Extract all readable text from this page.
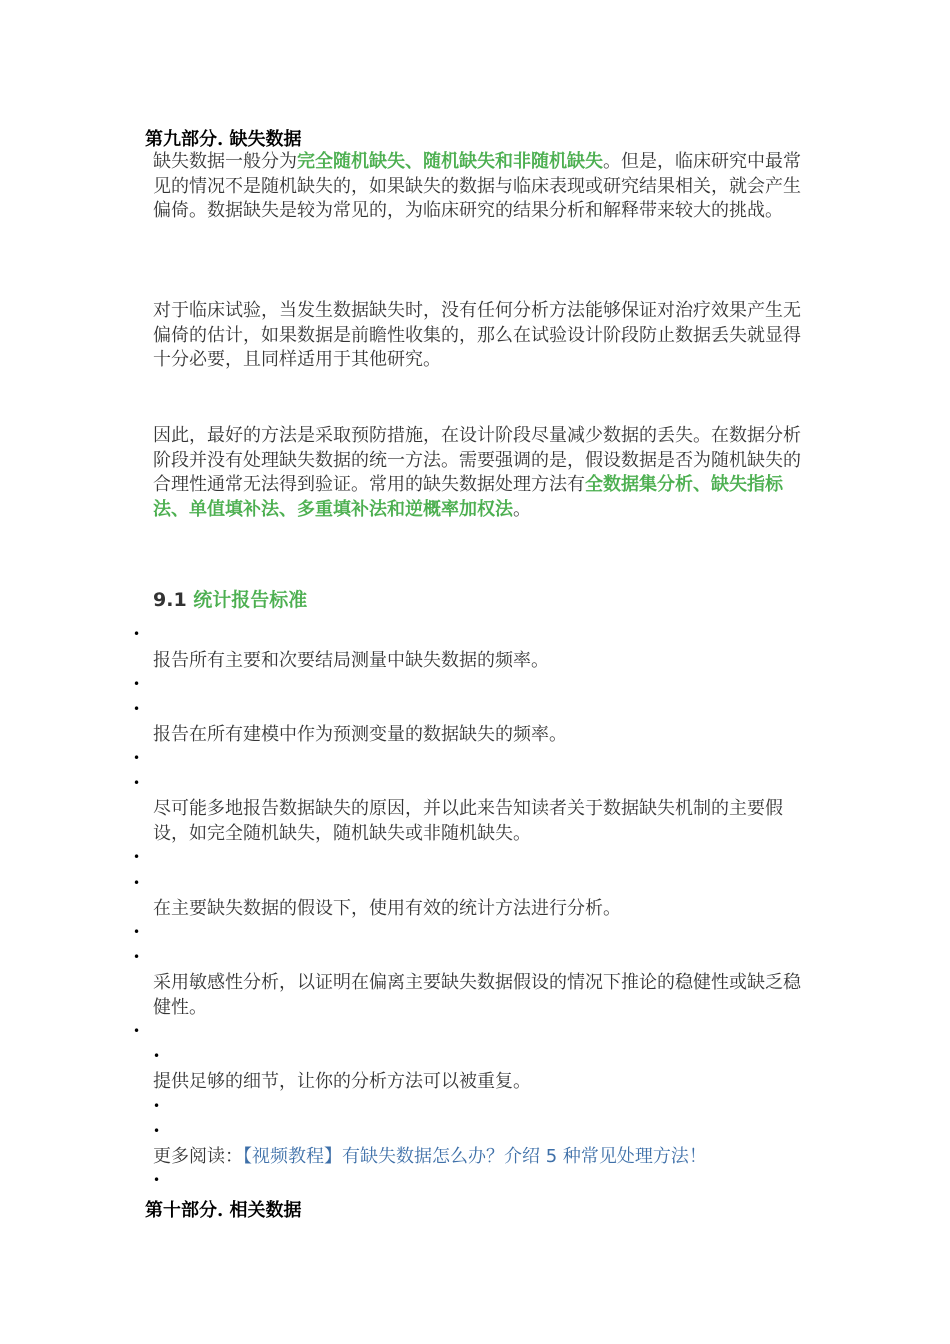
第九部分. 缺失数据
缺失数据一般分为完全随机缺失、随机缺失和非随机缺失。但是，临床研究中最常见的情况不是随机缺失的，如果缺失的数据与临床表现或研究结果相关，就会产生偏倚。数据缺失是较为常见的，为临床研究的结果分析和解释带来较大的挑战。
对于临床试验，当发生数据缺失时，没有任何分析方法能够保证对治疗效果产生无偏倚的估计，如果数据是前瞻性收集的，那么在试验设计阶段防止数据丢失就显得十分必要，且同样适用于其他研究。
因此，最好的方法是采取预防措施，在设计阶段尽量减少数据的丢失。在数据分析阶段并没有处理缺失数据的统一方法。需要强调的是，假设数据是否为随机缺失的合理性通常无法得到验证。常用的缺失数据处理方法有全数据集分析、缺失指标法、单值填补法、多重填补法和逆概率加权法。
9.1 统计报告标准
•
报告所有主要和次要结局测量中缺失数据的频率。
•
•
报告在所有建模中作为预测变量的数据缺失的频率。
•
•
尽可能多地报告数据缺失的原因，并以此来告知读者关于数据缺失机制的主要假设，如完全随机缺失，随机缺失或非随机缺失。
•
•
在主要缺失数据的假设下，使用有效的统计方法进行分析。
•
•
采用敏感性分析，以证明在偏离主要缺失数据假设的情况下推论的稳健性或缺乏稳健性。
•
•
提供足够的细节，让你的分析方法可以被重复。
•
•
更多阅读：【视频教程】有缺失数据怎么办？介绍 5 种常见处理方法！
•
第十部分. 相关数据
